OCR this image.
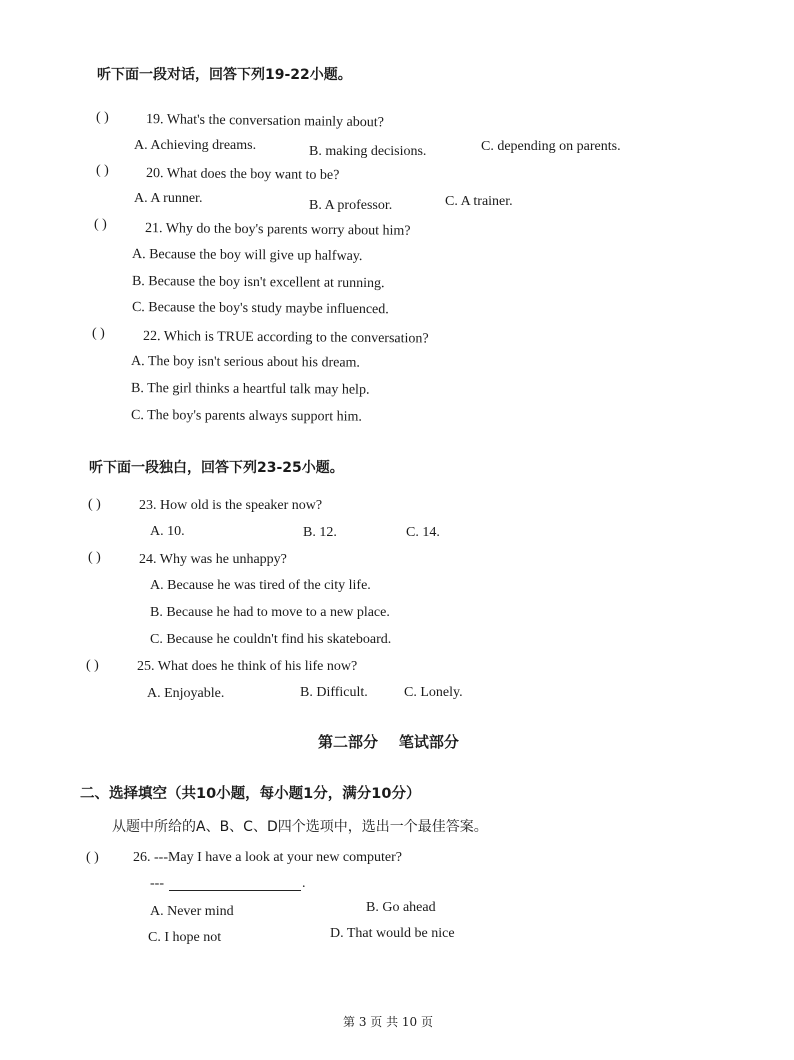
听下面一段对话，回答下列19-22小题。
( )	19. What's the conversation mainly about?
A. Achieving dreams.	B. making decisions.	C. depending on parents.
( )	20. What does the boy want to be?
A. A runner.	B. A professor.	C. A trainer.
( )	21. Why do the boy's parents worry about him?
A. Because the boy will give up halfway.
B. Because the boy isn't excellent at running.
C. Because the boy's study maybe influenced.
( )	22. Which is TRUE according to the conversation?
A. The boy isn't serious about his dream.
B. The girl thinks a heartful talk may help.
C. The boy's parents always support him.
听下面一段独白，回答下列23-25小题。
( )	23. How old is the speaker now?
A. 10.	B. 12.	C. 14.
( )	24. Why was he unhappy?
A. Because he was tired of the city life.
B. Because he had to move to a new place.
C. Because he couldn't find his skateboard.
( )	25. What does he think of his life now?
A. Enjoyable.	B. Difficult.	C. Lonely.
第二部分    笔试部分
二、选择填空（共10小题，每小题1分，满分10分）
从题中所给的A、B、C、D四个选项中，选出一个最佳答案。
( ) 26. ---May I have a look at your new computer?
---	.
A. Never mind	B. Go ahead
C. I hope not	D. That would be nice
第 3 页 共 10 页
